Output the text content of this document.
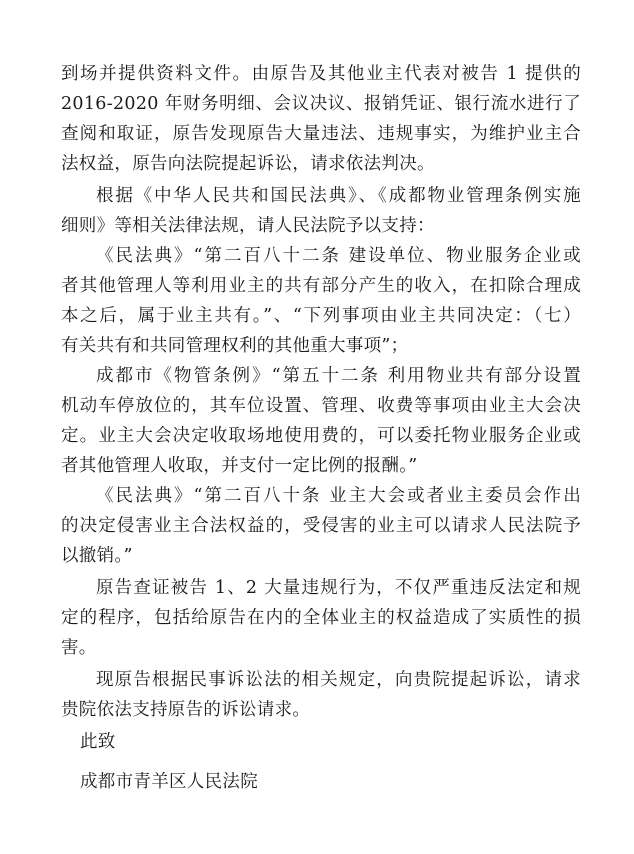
到场并提供资料文件。由原告及其他业主代表对被告 1 提供的
2016-2020 年财务明细、会议决议、报销凭证、银行流水进行了
查阅和取证，原告发现原告大量违法、违规事实，为维护业主合
法权益，原告向法院提起诉讼，请求依法判决。
根据《中华人民共和国民法典》、《成都物业管理条例实施
细则》等相关法律法规，请人民法院予以支持：
《民法典》“第二百八十二条 建设单位、物业服务企业或
者其他管理人等利用业主的共有部分产生的收入，在扣除合理成
本之后，属于业主共有。”、“下列事项由业主共同决定：（七）
有关共有和共同管理权利的其他重大事项”；
成都市《物管条例》“第五十二条 利用物业共有部分设置
机动车停放位的，其车位设置、管理、收费等事项由业主大会决
定。业主大会决定收取场地使用费的，可以委托物业服务企业或
者其他管理人收取，并支付一定比例的报酬。”
《民法典》“第二百八十条 业主大会或者业主委员会作出
的决定侵害业主合法权益的，受侵害的业主可以请求人民法院予
以撤销。”
原告查证被告 1、2 大量违规行为，不仅严重违反法定和规
定的程序，包括给原告在内的全体业主的权益造成了实质性的损
害。
现原告根据民事诉讼法的相关规定，向贵院提起诉讼，请求
贵院依法支持原告的诉讼请求。
此致
成都市青羊区人民法院
